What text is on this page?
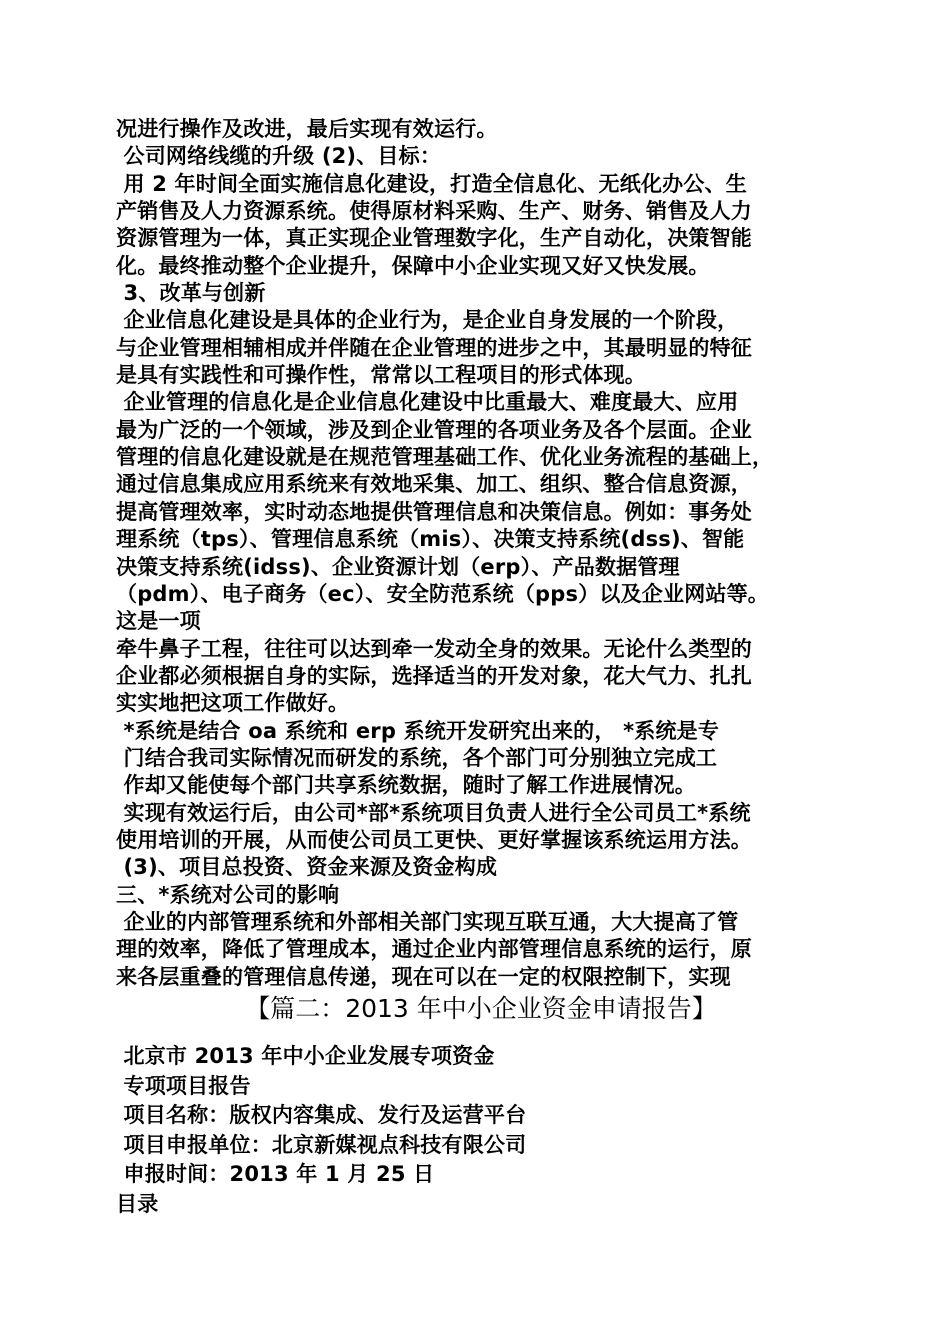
况进行操作及改进，最后实现有效运行。
公司网络线缆的升级 (2)、目标：
用 2 年时间全面实施信息化建设，打造全信息化、无纸化办公、生
产销售及人力资源系统。使得原材料采购、生产、财务、销售及人力
资源管理为一体，真正实现企业管理数字化，生产自动化，决策智能
化。最终推动整个企业提升，保障中小企业实现又好又快发展。
3、改革与创新
企业信息化建设是具体的企业行为，是企业自身发展的一个阶段，
与企业管理相辅相成并伴随在企业管理的进步之中，其最明显的特征
是具有实践性和可操作性，常常以工程项目的形式体现。
企业管理的信息化是企业信息化建设中比重最大、难度最大、应用
最为广泛的一个领域，涉及到企业管理的各项业务及各个层面。企业
管理的信息化建设就是在规范管理基础工作、优化业务流程的基础上，
通过信息集成应用系统来有效地采集、加工、组织、整合信息资源，
提高管理效率，实时动态地提供管理信息和决策信息。例如：事务处
理系统（tps）、管理信息系统（mis）、决策支持系统(dss)、智能
决策支持系统(idss)、企业资源计划（erp）、产品数据管理
（pdm）、电子商务（ec）、安全防范系统（pps）以及企业网站等。
这是一项
牵牛鼻子工程，往往可以达到牵一发动全身的效果。无论什么类型的
企业都必须根据自身的实际，选择适当的开发对象，花大气力、扎扎
实实地把这项工作做好。
*系统是结合 oa 系统和 erp 系统开发研究出来的， *系统是专
门结合我司实际情况而研发的系统，各个部门可分别独立完成工
作却又能使每个部门共享系统数据，随时了解工作进展情况。
实现有效运行后，由公司*部*系统项目负责人进行全公司员工*系统
使用培训的开展，从而使公司员工更快、更好掌握该系统运用方法。
(3)、项目总投资、资金来源及资金构成
三、*系统对公司的影响
企业的内部管理系统和外部相关部门实现互联互通，大大提高了管
理的效率，降低了管理成本，通过企业内部管理信息系统的运行，原
来各层重叠的管理信息传递，现在可以在一定的权限控制下，实现
【篇二：2013 年中小企业资金申请报告】
北京市 2013 年中小企业发展专项资金
专项项目报告
项目名称：版权内容集成、发行及运营平台
项目申报单位：北京新媒视点科技有限公司
申报时间：2013 年 1 月 25 日
目录
